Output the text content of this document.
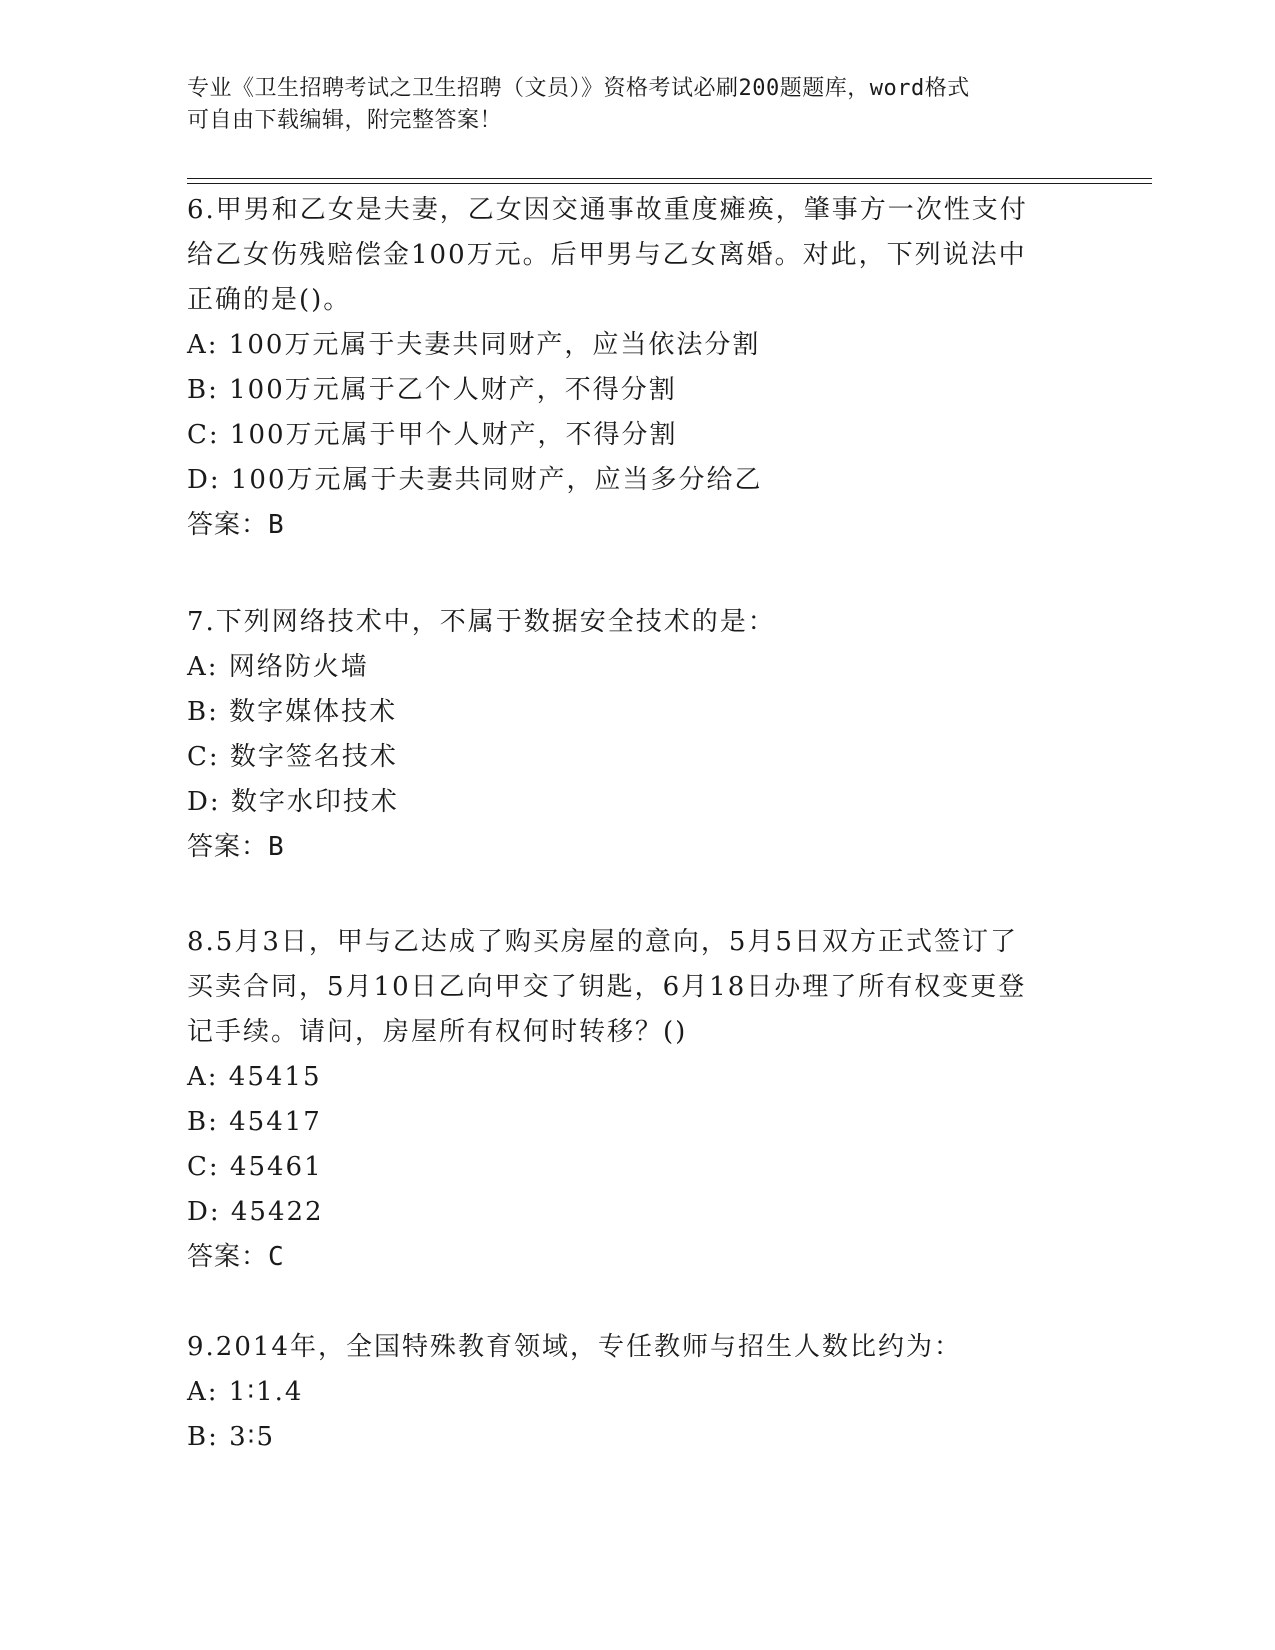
专业《卫生招聘考试之卫生招聘（文员）》资格考试必刷200题题库，word格式
可自由下载编辑，附完整答案！
6.甲男和乙女是夫妻，乙女因交通事故重度瘫痪，肇事方一次性支付
给乙女伤残赔偿金100万元。后甲男与乙女离婚。对此，下列说法中
正确的是()。
A: 100万元属于夫妻共同财产，应当依法分割
B: 100万元属于乙个人财产，不得分割
C: 100万元属于甲个人财产，不得分割
D: 100万元属于夫妻共同财产，应当多分给乙
答案：B
7.下列网络技术中，不属于数据安全技术的是：
A: 网络防火墙
B: 数字媒体技术
C: 数字签名技术
D: 数字水印技术
答案：B
8.5月3日，甲与乙达成了购买房屋的意向，5月5日双方正式签订了
买卖合同，5月10日乙向甲交了钥匙，6月18日办理了所有权变更登
记手续。请问，房屋所有权何时转移？()
A: 45415
B: 45417
C: 45461
D: 45422
答案：C
9.2014年，全国特殊教育领域，专任教师与招生人数比约为：
A: 1∶1.4
B: 3∶5
